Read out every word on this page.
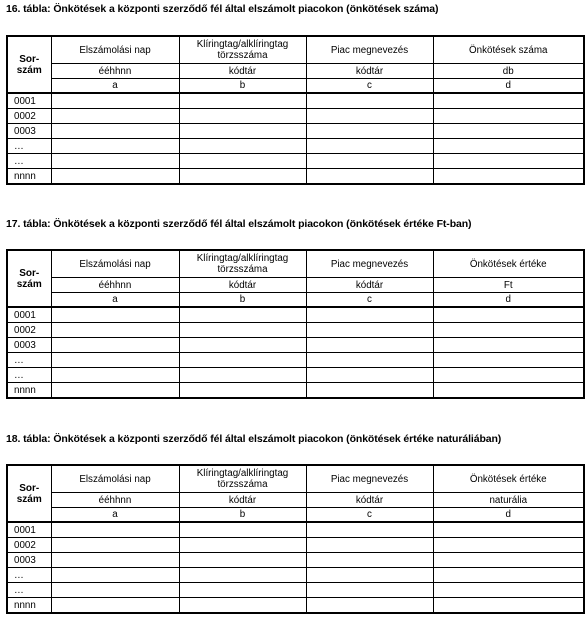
16. tábla: Önkötések a központi szerződő fél által elszámolt piacokon (önkötések száma)
Sor-
szám	Elszámolási nap	Klíringtag/alklíringtag törzsszáma	Piac megnevezés	Önkötések száma
	ééhhnn	kódtár	kódtár	db
	a	b	c	d
0001				
0002				
0003				
…				
…				
nnnn				
17. tábla: Önkötések a központi szerződő fél által elszámolt piacokon (önkötések értéke Ft-ban)
Sor-
szám	Elszámolási nap	Klíringtag/alklíringtag törzsszáma	Piac megnevezés	Önkötések értéke
	ééhhnn	kódtár	kódtár	Ft
	a	b	c	d
0001				
0002				
0003				
…				
…				
nnnn				
18. tábla: Önkötések a központi szerződő fél által elszámolt piacokon (önkötések értéke naturáliában)
Sor-
szám	Elszámolási nap	Klíringtag/alklíringtag törzsszáma	Piac megnevezés	Önkötések értéke
	ééhhnn	kódtár	kódtár	naturália
	a	b	c	d
0001				
0002				
0003				
…				
…				
nnnn				
